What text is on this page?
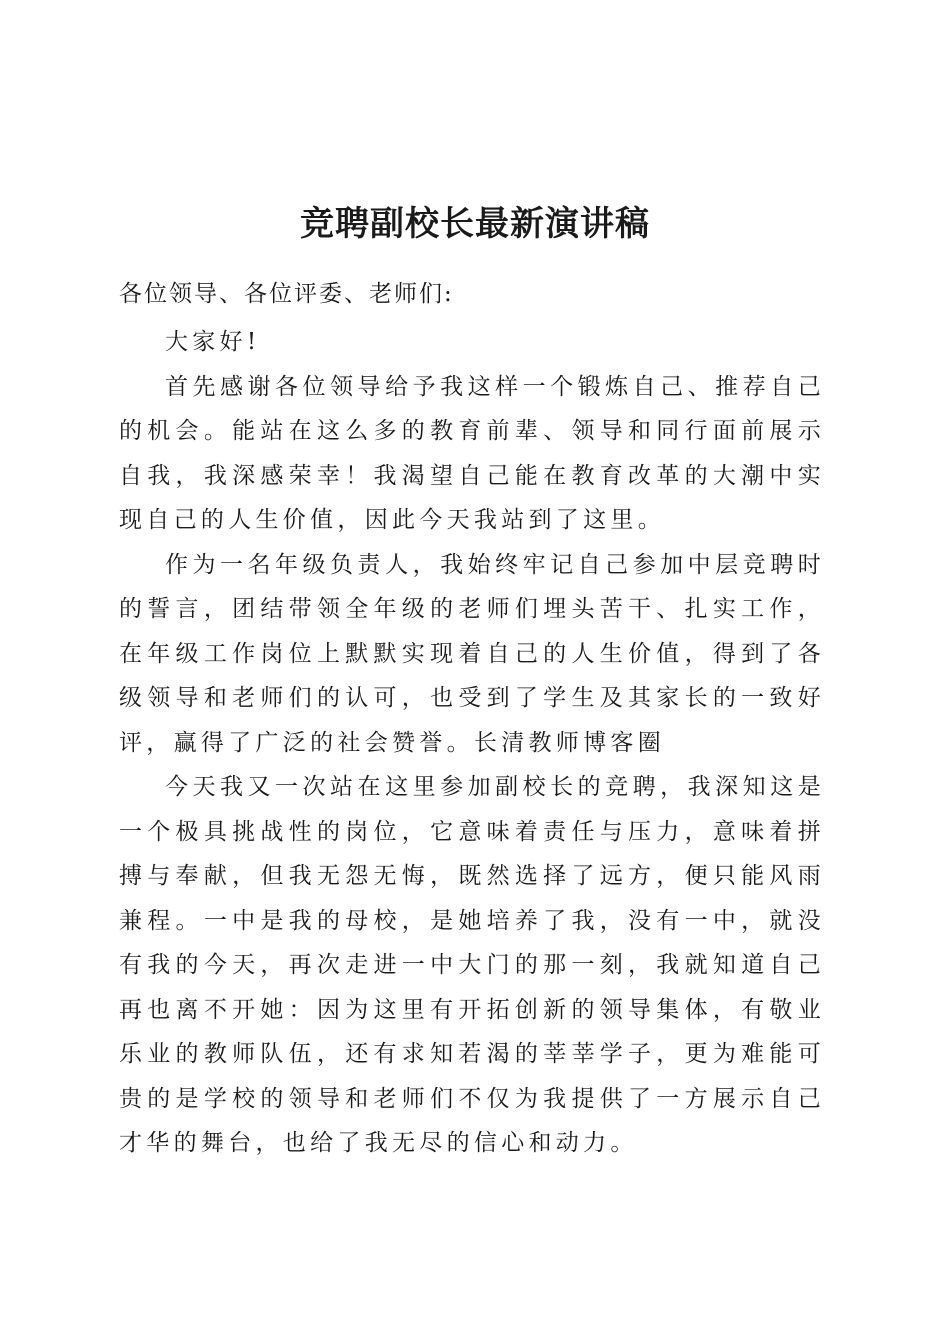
竞聘副校长最新演讲稿

各位领导、各位评委、老师们:

大家好!

首先感谢各位领导给予我这样一个锻炼自己、推荐自己的机会。能站在这么多的教育前辈、领导和同行面前展示自我，我深感荣幸！我渴望自己能在教育改革的大潮中实现自己的人生价值，因此今天我站到了这里。

作为一名年级负责人，我始终牢记自己参加中层竞聘时的誓言，团结带领全年级的老师们埋头苦干、扎实工作，在年级工作岗位上默默实现着自己的人生价值，得到了各级领导和老师们的认可，也受到了学生及其家长的一致好评，赢得了广泛的社会赞誉。长清教师博客圈

今天我又一次站在这里参加副校长的竞聘，我深知这是一个极具挑战性的岗位，它意味着责任与压力，意味着拼搏与奉献，但我无怨无悔，既然选择了远方，便只能风雨兼程。一中是我的母校，是她培养了我，没有一中，就没有我的今天，再次走进一中大门的那一刻，我就知道自己再也离不开她：因为这里有开拓创新的领导集体，有敬业乐业的教师队伍，还有求知若渴的莘莘学子，更为难能可贵的是学校的领导和老师们不仅为我提供了一方展示自己才华的舞台，也给了我无尽的信心和动力。
